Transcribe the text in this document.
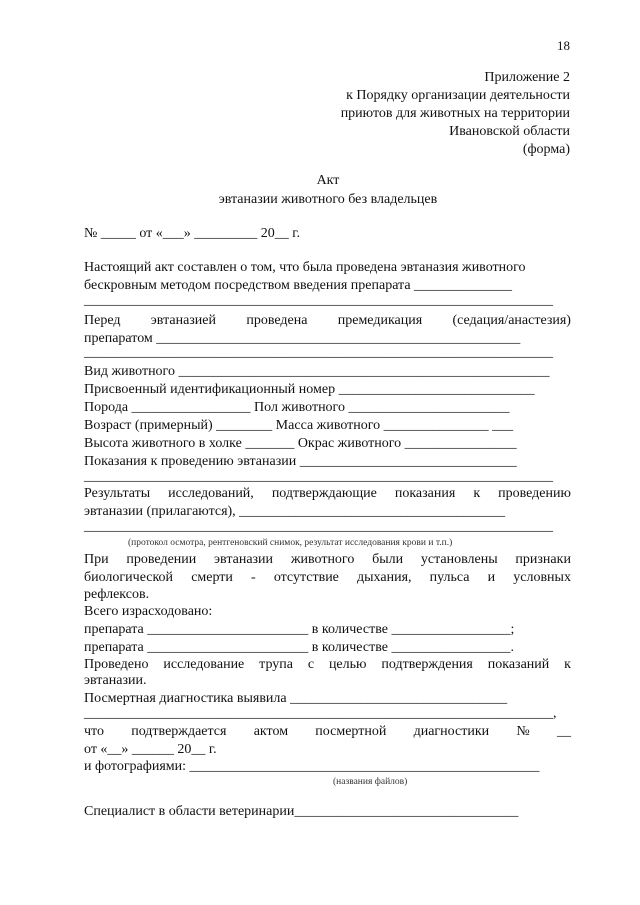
18

Приложение 2

к Порядку организации деятельности

приютов для животных на территории

Ивановской области

(форма)

Акт

эвтаназии животного без владельцев

№ _____ от «___» _________ 20__ г.

Настоящий акт составлен о том, что была проведена эвтаназия животного

бескровным методом посредством введения препарата ______________

___________________________________________________________________

Перед эвтаназией проведена премедикация (седация/анастезия)

препаратом ____________________________________________________

___________________________________________________________________

Вид животного _____________________________________________________

Присвоенный идентификационный номер ____________________________

Порода _________________ Пол животного _______________________

Возраст (примерный) ________ Масса животного _______________ ___

Высота животного в холке _______ Окрас животного ________________

Показания к проведению эвтаназии _______________________________

___________________________________________________________________

Результаты исследований, подтверждающие показания к проведению

эвтаназии (прилагаются), ______________________________________

___________________________________________________________________

(протокол осмотра, рентгеновский снимок, результат исследования крови и т.п.)

При проведении эвтаназии животного были установлены признаки
биологической смерти - отсутствие дыхания, пульса и условных

рефлексов.

Всего израсходовано:

препарата _______________________ в количестве _________________;

препарата _______________________ в количестве _________________.

Проведено исследование трупа с целью подтверждения показаний к

эвтаназии.

Посмертная диагностика выявила _______________________________

___________________________________________________________________,

что подтверждается актом посмертной диагностики № __

от «__» ______ 20__ г.

и фотографиями: __________________________________________________

(названия файлов)

Специалист в области ветеринарии________________________________
